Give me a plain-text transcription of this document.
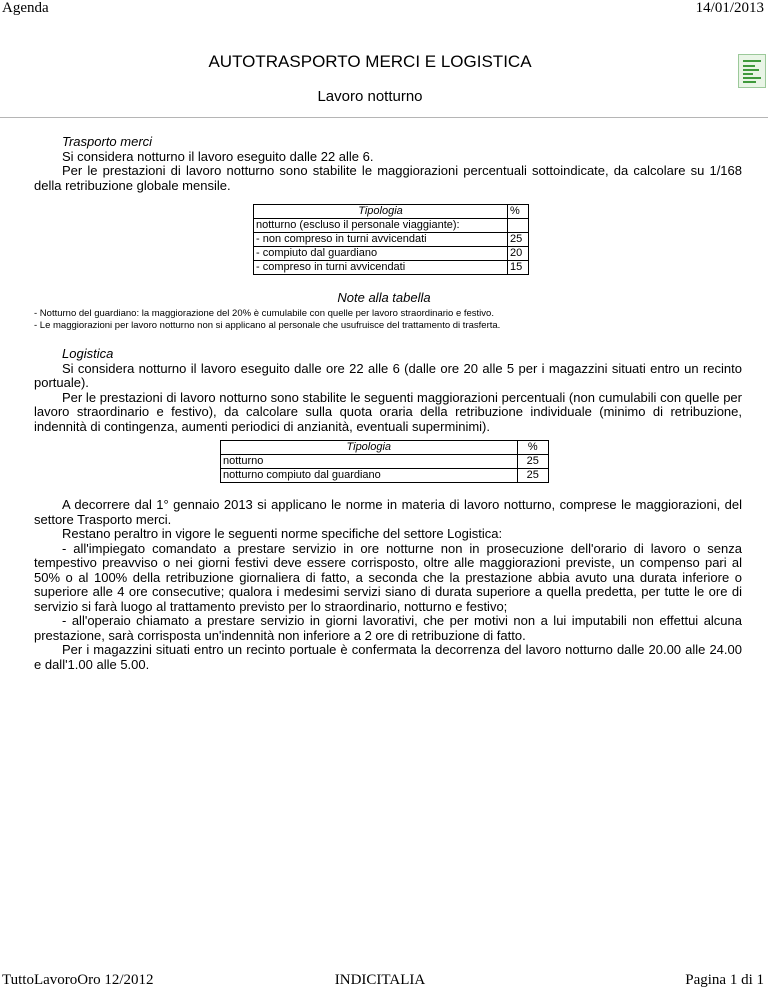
Agenda	14/01/2013
AUTOTRASPORTO MERCI E LOGISTICA
Lavoro notturno

Trasporto merci

Si considera notturno il lavoro eseguito dalle 22 alle 6.

Per le prestazioni di lavoro notturno sono stabilite le maggiorazioni percentuali sottoindicate, da calcolare su 1/168 della retribuzione globale mensile.

Tipologia	%
notturno (escluso il personale viaggiante):	
- non compreso in turni avvicendati	25
- compiuto dal guardiano	20
- compreso in turni avvicendati	15
Note alla tabella
- Notturno del guardiano: la maggiorazione del 20% è cumulabile con quelle per lavoro straordinario e festivo.
- Le maggiorazioni per lavoro notturno non si applicano al personale che usufruisce del trattamento di trasferta.

Logistica

Si considera notturno il lavoro eseguito dalle ore 22 alle 6 (dalle ore 20 alle 5 per i magazzini situati entro un recinto portuale).

Per le prestazioni di lavoro notturno sono stabilite le seguenti maggiorazioni percentuali (non cumulabili con quelle per lavoro straordinario e festivo), da calcolare sulla quota oraria della retribuzione individuale (minimo di retribuzione, indennità di contingenza, aumenti periodici di anzianità, eventuali superminimi).

Tipologia	%
notturno	25
notturno compiuto dal guardiano	25

A decorrere dal 1° gennaio 2013 si applicano le norme in materia di lavoro notturno, comprese le maggiorazioni, del settore Trasporto merci.

Restano peraltro in vigore le seguenti norme specifiche del settore Logistica:

- all'impiegato comandato a prestare servizio in ore notturne non in prosecuzione dell'orario di lavoro o senza tempestivo preavviso o nei giorni festivi deve essere corrisposto, oltre alle maggiorazioni previste, un compenso pari al 50% o al 100% della retribuzione giornaliera di fatto, a seconda che la prestazione abbia avuto una durata inferiore o superiore alle 4 ore consecutive; qualora i medesimi servizi siano di durata superiore a quella predetta, per tutte le ore di servizio si farà luogo al trattamento previsto per lo straordinario, notturno e festivo;

- all'operaio chiamato a prestare servizio in giorni lavorativi, che per motivi non a lui imputabili non effettui alcuna prestazione, sarà corrisposta un'indennità non inferiore a 2 ore di retribuzione di fatto.

Per i magazzini situati entro un recinto portuale è confermata la decorrenza del lavoro notturno dalle 20.00 alle 24.00 e dall'1.00 alle 5.00.

TuttoLavoroOro 12/2012	INDICITALIA	Pagina 1 di 1
